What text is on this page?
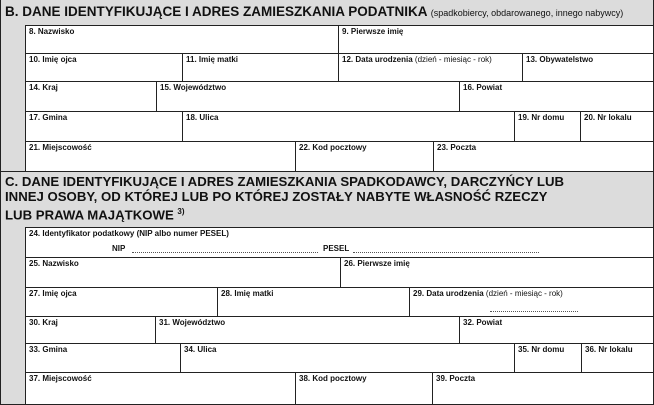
B. DANE IDENTYFIKUJĄCE I ADRES ZAMIESZKANIA PODATNIKA (spadkobiercy, obdarowanego, innego nabywcy)
8. Nazwisko	9. Pierwsze imię
10. Imię ojca	11. Imię matki	12. Data urodzenia (dzień - miesiąc - rok)	13. Obywatelstwo
14. Kraj	15. Województwo	16. Powiat
17. Gmina	18. Ulica	19. Nr domu	20. Nr lokalu
21. Miejscowość	22. Kod pocztowy	23. Poczta
C. DANE IDENTYFIKUJĄCE I ADRES ZAMIESZKANIA SPADKODAWCY, DARCZYŃCY LUB
INNEJ OSOBY, OD KTÓREJ LUB PO KTÓREJ ZOSTAŁY NABYTE WŁASNOŚĆ RZECZY
LUB PRAWA MAJĄTKOWE $^{3)}$
24. Identyfikator podatkowy (NIP albo numer PESEL)
NIP	PESEL
25. Nazwisko	26. Pierwsze imię
27. Imię ojca	28. Imię matki	29. Data urodzenia (dzień - miesiąc - rok)
30. Kraj	31. Województwo	32. Powiat
33. Gmina	34. Ulica	35. Nr domu	36. Nr lokalu
37. Miejscowość	38. Kod pocztowy	39. Poczta
